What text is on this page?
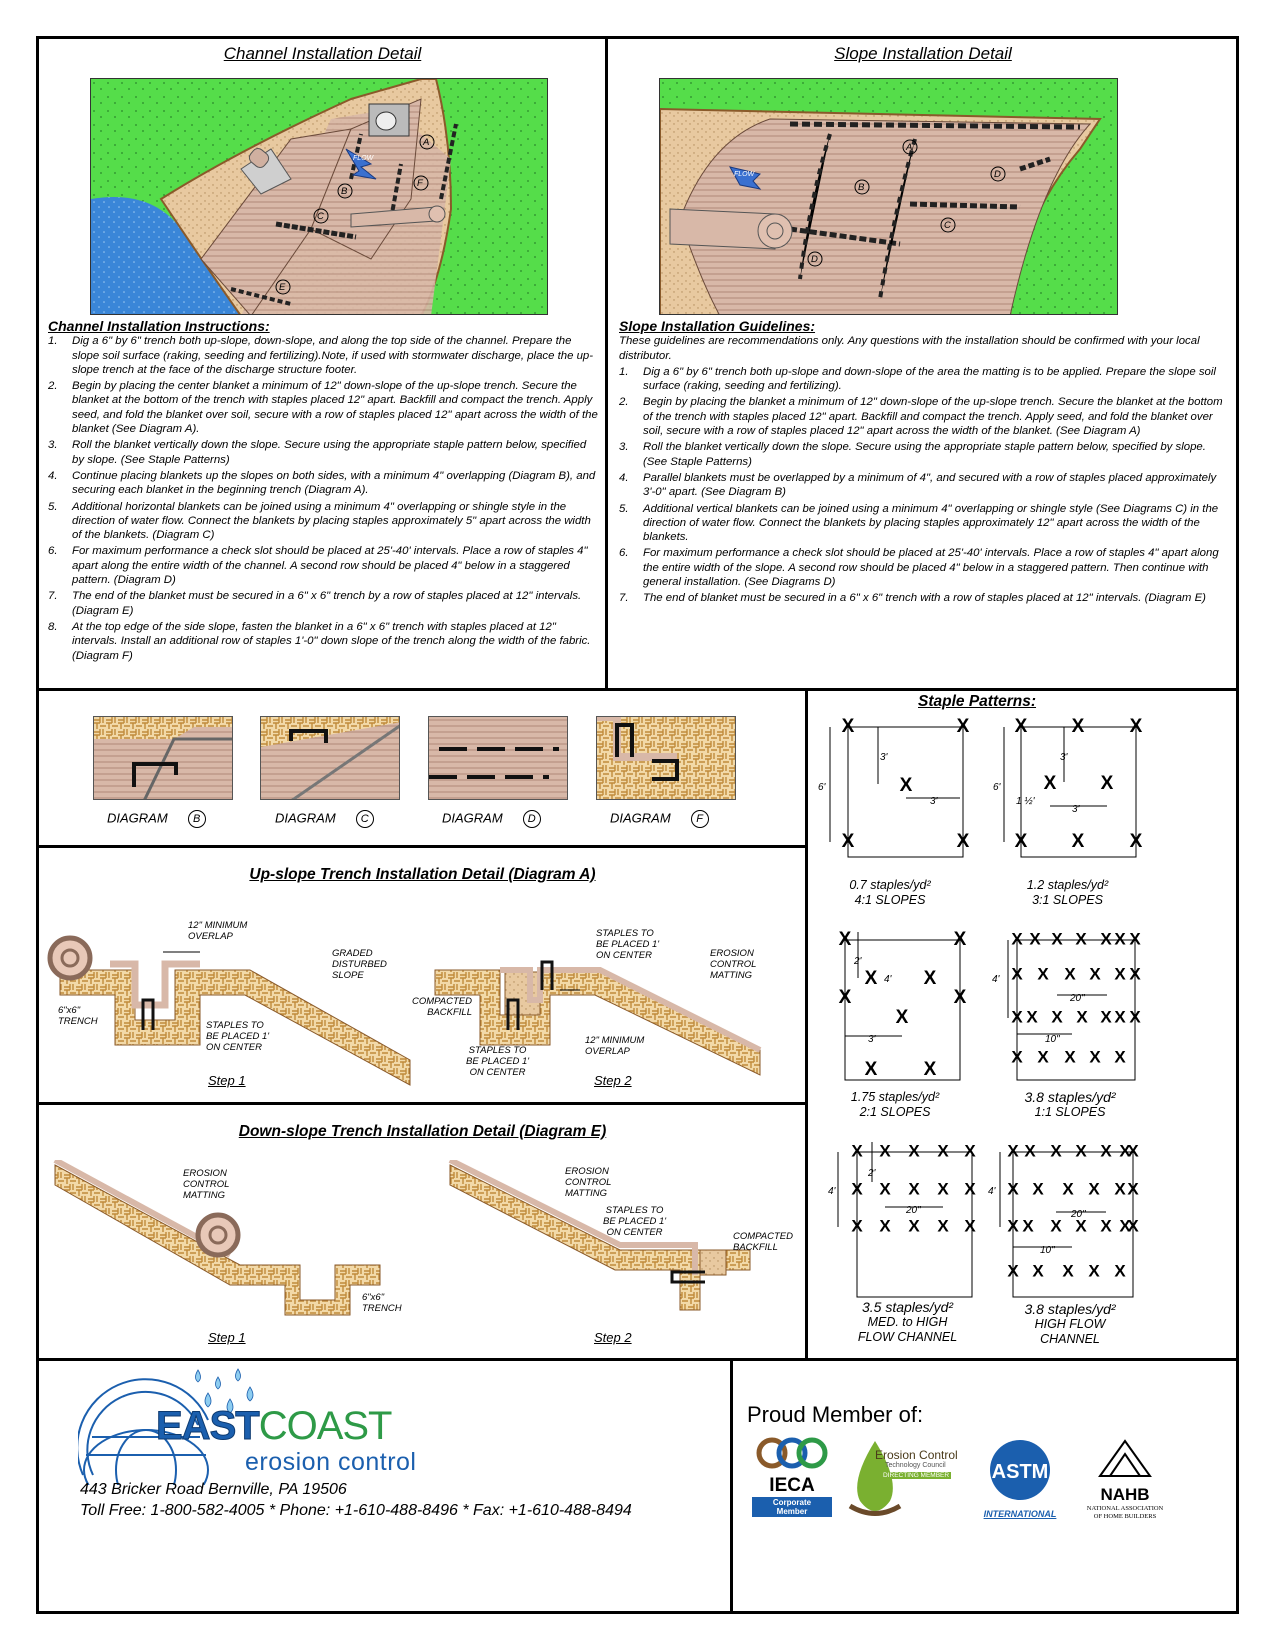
Channel Installation Detail
A
B
C
E
F
FLOW
Channel Installation Instructions:
1. Dig a 6" by 6" trench both up-slope, down-slope, and along the top side of the channel. Prepare the slope soil surface (raking, seeding and fertilizing).Note, if used with stormwater discharge, place the up-slope trench at the face of the discharge structure footer.
2. Begin by placing the center blanket a minimum of 12" down-slope of the up-slope trench. Secure the blanket at the bottom of the trench with staples placed 12" apart. Backfill and compact the trench. Apply seed, and fold the blanket over soil, secure with a row of staples placed 12" apart across the width of the blanket (See Diagram A).
3. Roll the blanket vertically down the slope. Secure using the appropriate staple pattern below, specified by slope. (See Staple Patterns)
4. Continue placing blankets up the slopes on both sides, with a minimum 4" overlapping (Diagram B), and securing each blanket in the beginning trench (Diagram A).
5. Additional horizontal blankets can be joined using a minimum 4" overlapping or shingle style in the direction of water flow. Connect the blankets by placing staples approximately 5" apart across the width of the blankets. (Diagram C)
6. For maximum performance a check slot should be placed at 25'-40' intervals. Place a row of staples 4" apart along the entire width of the channel. A second row should be placed 4" below in a staggered pattern. (Diagram D)
7. The end of the blanket must be secured in a 6" x 6" trench by a row of staples placed at 12" intervals. (Diagram E)
8. At the top edge of the side slope, fasten the blanket in a 6" x 6" trench with staples placed at 12" intervals. Install an additional row of staples 1'-0" down slope of the trench along the width of the fabric. (Diagram F)
Slope Installation Detail
A
B
C
D
D
FLOW
Slope Installation Guidelines:
These guidelines are recommendations only. Any questions with the installation should be confirmed with your local distributor.
1. Dig a 6" by 6" trench both up-slope and down-slope of the area the matting is to be applied. Prepare the slope soil surface (raking, seeding and fertilizing).
2. Begin by placing the blanket a minimum of 12" down-slope of the up-slope trench. Secure the blanket at the bottom of the trench with staples placed 12" apart. Backfill and compact the trench. Apply seed, and fold the blanket over soil, secure with a row of staples placed 12" apart across the width of the blanket. (See Diagram A)
3. Roll the blanket vertically down the slope. Secure using the appropriate staple pattern below, specified by slope. (See Staple Patterns)
4. Parallel blankets must be overlapped by a minimum of 4", and secured with a row of staples placed approximately 3'-0" apart. (See Diagram B)
5. Additional vertical blankets can be joined using a minimum 4" overlapping or shingle style (See Diagrams C) in the direction of water flow. Connect the blankets by placing staples approximately 12" apart across the width of the blankets.
6. For maximum performance a check slot should be placed at 25'-40' intervals. Place a row of staples 4" apart along the entire width of the slope. A second row should be placed 4" below in a staggered pattern. Then continue with general installation. (See Diagrams D)
7. The end of blanket must be secured in a 6" x 6" trench with a row of staples placed at 12" intervals. (Diagram E)
DIAGRAM B	DIAGRAM C	DIAGRAM D	DIAGRAM F
Up-slope Trench Installation Detail (Diagram A)
12" MINIMUM
OVERLAP
GRADED
DISTURBED
SLOPE
6"x6"
TRENCH	STAPLES TO
BE PLACED 1'
ON CENTER
STAPLES TO
BE PLACED 1'
ON CENTER	EROSION
CONTROL
MATTING
COMPACTED
BACKFILL
STAPLES TO
BE PLACED 1'
ON CENTER
12" MINIMUM
OVERLAP
Step 1	Step 2
Down-slope Trench Installation Detail (Diagram E)
EROSION
CONTROL
MATTING
6"x6"
TRENCH
EROSION
CONTROL
MATTING
STAPLES TO
BE PLACED 1'
ON CENTER	COMPACTED
BACKFILL
Step 1	Step 2
Staple Patterns:
X	X
X
X	X
6'
3'
3'
X X X
X X
X X X
6'
3'
3'
1 ½'
X	X
X X
X	X
X
X X
2'
4'
3'
X X X X X X X
X X X X X X
X X X X X X X
X X X X X
4'
20"
10"
X X X X X
X X X X X
X X X X X
4'
2'
20"
X X X X X X
X
X X X X X X
X X X X X X
X
X X X X X
4'
20"
10"
0.7 staples/yd²
4:1 SLOPES
1.2 staples/yd²
3:1 SLOPES
1.75 staples/yd²
2:1 SLOPES
3.8 staples/yd²
1:1 SLOPES
3.5 staples/yd²
MED. to HIGH
FLOW CHANNEL
3.8 staples/yd²
HIGH FLOW
CHANNEL
EASTCOAST
erosion control
443 Bricker Road Bernville, PA 19506
Toll Free: 1-800-582-4005 * Phone: +1-610-488-8496 * Fax: +1-610-488-8494
Proud Member of:
IECA
Corporate
Member
Erosion Control
Technology Council
DIRECTING MEMBER ASTM
INTERNATIONAL
NAHB
NATIONAL ASSOCIATION
OF HOME BUILDERS
